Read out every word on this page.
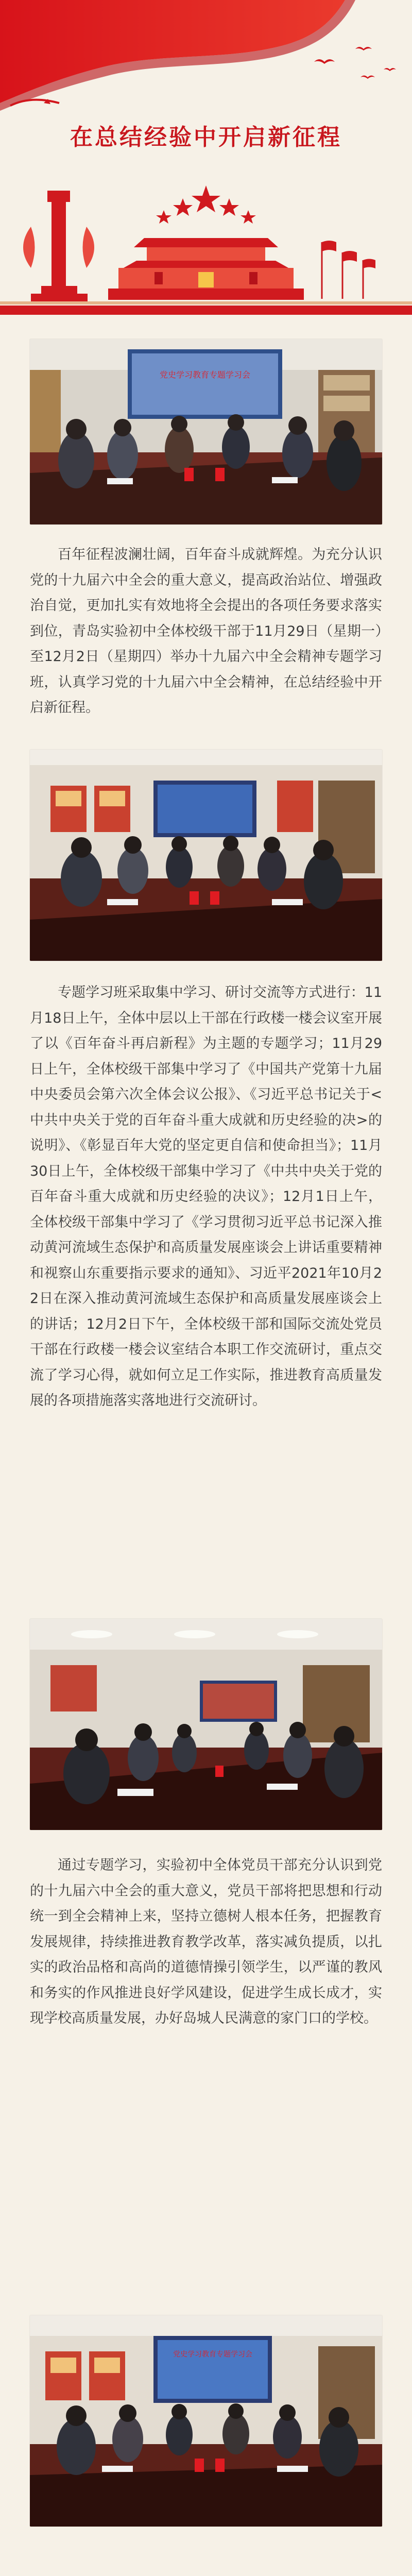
在总结经验中开启新征程
党史学习教育专题学习会

百年征程波澜壮阔，百年奋斗成就辉煌。为充分认识党的十九届六中全会的重大意义，提高政治站位、增强政治自觉，更加扎实有效地将全会提出的各项任务要求落实到位，青岛实验初中全体校级干部于11月29日（星期一）至12月2日（星期四）举办十九届六中全会精神专题学习班，认真学习党的十九届六中全会精神，在总结经验中开启新征程。

专题学习班采取集中学习、研讨交流等方式进行：11月18日上午，全体中层以上干部在行政楼一楼会议室开展了以《百年奋斗再启新程》为主题的专题学习；11月29日上午，全体校级干部集中学习了《中国共产党第十九届中央委员会第六次全体会议公报》、《习近平总书记关于<中共中央关于党的百年奋斗重大成就和历史经验的决>的说明》、《彰显百年大党的坚定更自信和使命担当》；11月30日上午，全体校级干部集中学习了《中共中央关于党的百年奋斗重大成就和历史经验的决议》；12月1日上午，全体校级干部集中学习了《学习贯彻习近平总书记深入推动黄河流域生态保护和高质量发展座谈会上讲话重要精神和视察山东重要指示要求的通知》、习近平2021年10月22日在深入推动黄河流域生态保护和高质量发展座谈会上的讲话；12月2日下午，全体校级干部和国际交流处党员干部在行政楼一楼会议室结合本职工作交流研讨，重点交流了学习心得，就如何立足工作实际，推进教育高质量发展的各项措施落实落地进行交流研讨。

通过专题学习，实验初中全体党员干部充分认识到党的十九届六中全会的重大意义，党员干部将把思想和行动统一到全会精神上来，坚持立德树人根本任务，把握教育发展规律，持续推进教育教学改革，落实减负提质，以扎实的政治品格和高尚的道德情操引领学生，以严谨的教风和务实的作风推进良好学风建设，促进学生成长成才，实现学校高质量发展，办好岛城人民满意的家门口的学校。

党史学习教育专题学习会
